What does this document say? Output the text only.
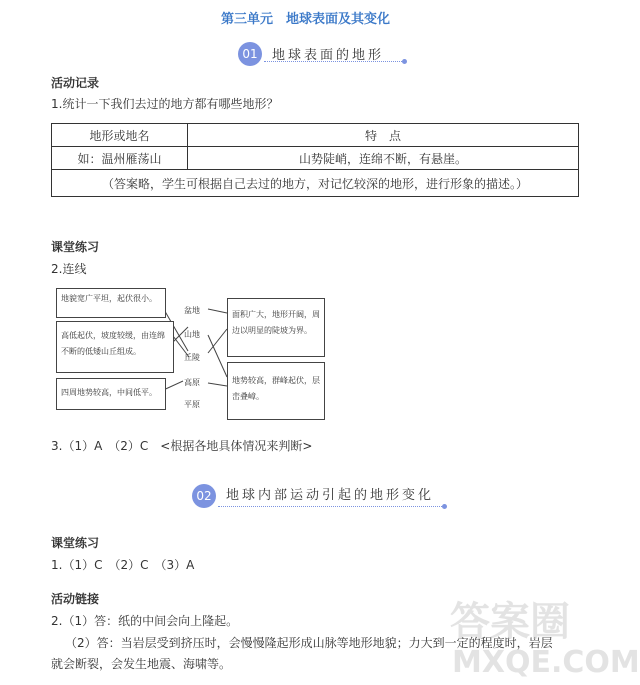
第三单元　地球表面及其变化
01	地球表面的地形
活动记录
1.统计一下我们去过的地方都有哪些地形？
地形或地名	特　点
如：温州雁荡山	山势陡峭，连绵不断，有悬崖。
（答案略，学生可根据自己去过的地方，对记忆较深的地形，进行形象的描述。）	
课堂练习
2.连线
地貌宽广平坦，起伏很小。
高低起伏，坡度较缓，由连绵不断的低矮山丘组成。
四周地势较高，中间低平。
盆地
山地
丘陵
高原
平原
面积广大，地形开阔，周边以明显的陡坡为界。
地势较高，群峰起伏，层峦叠嶂。
3.（1）A　（2）C　<根据各地具体情况来判断>
02	地球内部运动引起的地形变化
课堂练习
1.（1）C　（2）C　（3）A
活动链接
2.（1）答：纸的中间会向上隆起。
（2）答：当岩层受到挤压时，会慢慢隆起形成山脉等地形地貌；力大到一定的程度时，岩层
就会断裂，会发生地震、海啸等。
答案圈
MXQE.COM
